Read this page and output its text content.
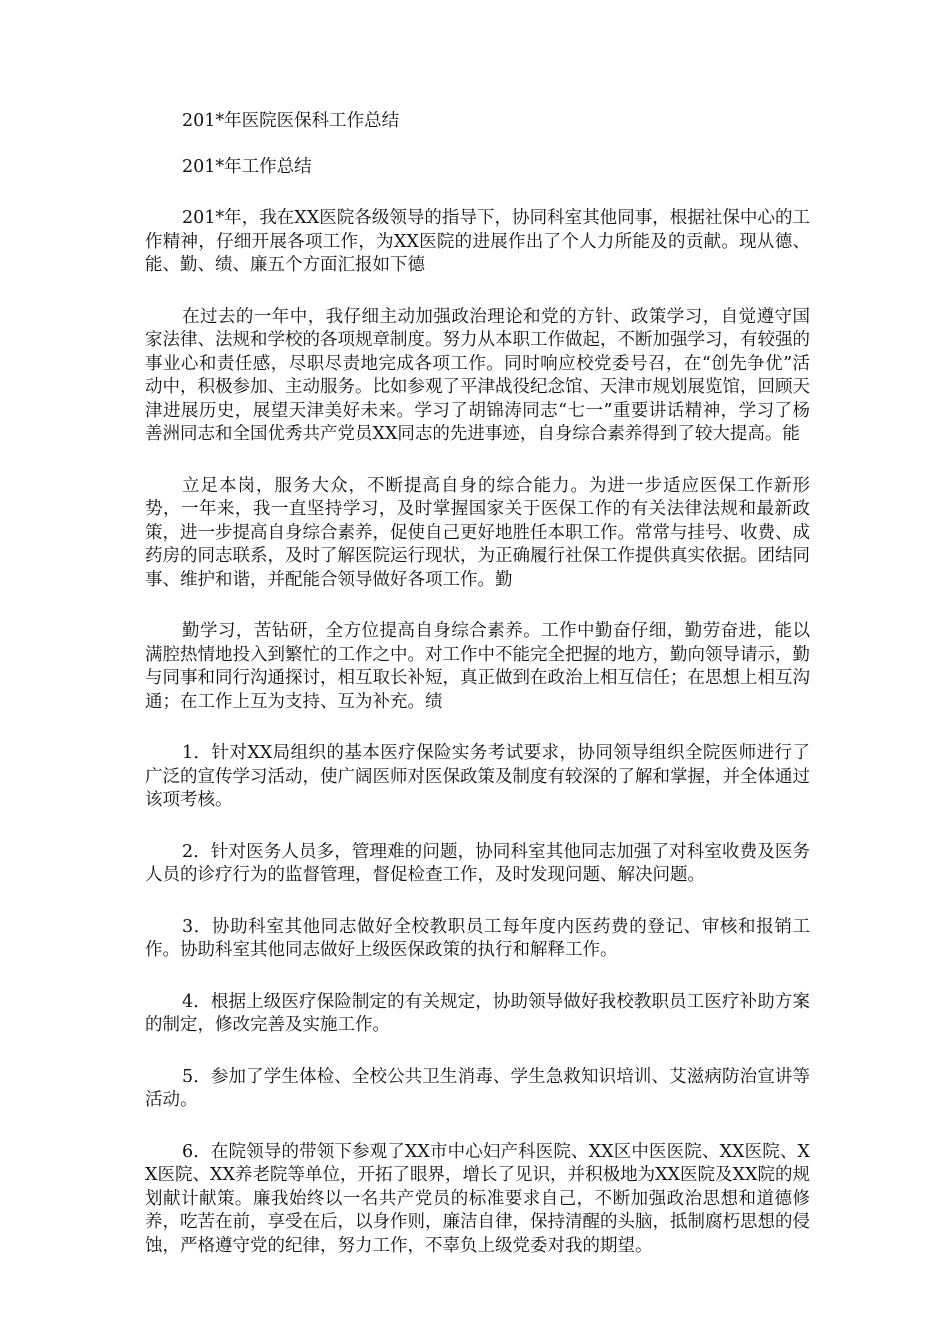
201*年医院医保科工作总结

201*年工作总结

201*年，我在XX医院各级领导的指导下，协同科室其他同事，根据社保中心的工作精神，仔细开展各项工作，为XX医院的进展作出了个人力所能及的贡献。现从德、能、勤、绩、廉五个方面汇报如下德

在过去的一年中，我仔细主动加强政治理论和党的方针、政策学习，自觉遵守国家法律、法规和学校的各项规章制度。努力从本职工作做起，不断加强学习，有较强的事业心和责任感，尽职尽责地完成各项工作。同时响应校党委号召，在“创先争优”活动中，积极参加、主动服务。比如参观了平津战役纪念馆、天津市规划展览馆，回顾天津进展历史，展望天津美好未来。学习了胡锦涛同志“七一”重要讲话精神，学习了杨善洲同志和全国优秀共产党员XX同志的先进事迹，自身综合素养得到了较大提高。能

立足本岗，服务大众，不断提高自身的综合能力。为进一步适应医保工作新形势，一年来，我一直坚持学习，及时掌握国家关于医保工作的有关法律法规和最新政策，进一步提高自身综合素养，促使自己更好地胜任本职工作。常常与挂号、收费、成药房的同志联系，及时了解医院运行现状，为正确履行社保工作提供真实依据。团结同事、维护和谐，并配能合领导做好各项工作。勤

勤学习，苦钻研，全方位提高自身综合素养。工作中勤奋仔细，勤劳奋进，能以满腔热情地投入到繁忙的工作之中。对工作中不能完全把握的地方，勤向领导请示，勤与同事和同行沟通探讨，相互取长补短，真正做到在政治上相互信任；在思想上相互沟通；在工作上互为支持、互为补充。绩

1．针对XX局组织的基本医疗保险实务考试要求，协同领导组织全院医师进行了广泛的宣传学习活动，使广阔医师对医保政策及制度有较深的了解和掌握，并全体通过该项考核。

2．针对医务人员多，管理难的问题，协同科室其他同志加强了对科室收费及医务人员的诊疗行为的监督管理，督促检查工作，及时发现问题、解决问题。

3．协助科室其他同志做好全校教职员工每年度内医药费的登记、审核和报销工作。协助科室其他同志做好上级医保政策的执行和解释工作。

4．根据上级医疗保险制定的有关规定，协助领导做好我校教职员工医疗补助方案的制定，修改完善及实施工作。

5．参加了学生体检、全校公共卫生消毒、学生急救知识培训、艾滋病防治宣讲等活动。

6．在院领导的带领下参观了XX市中心妇产科医院、XX区中医医院、XX医院、XX医院、XX养老院等单位，开拓了眼界，增长了见识，并积极地为XX医院及XX院的规划献计献策。廉我始终以一名共产党员的标准要求自己，不断加强政治思想和道德修养，吃苦在前，享受在后，以身作则，廉洁自律，保持清醒的头脑，抵制腐朽思想的侵蚀，严格遵守党的纪律，努力工作，不辜负上级党委对我的期望。
